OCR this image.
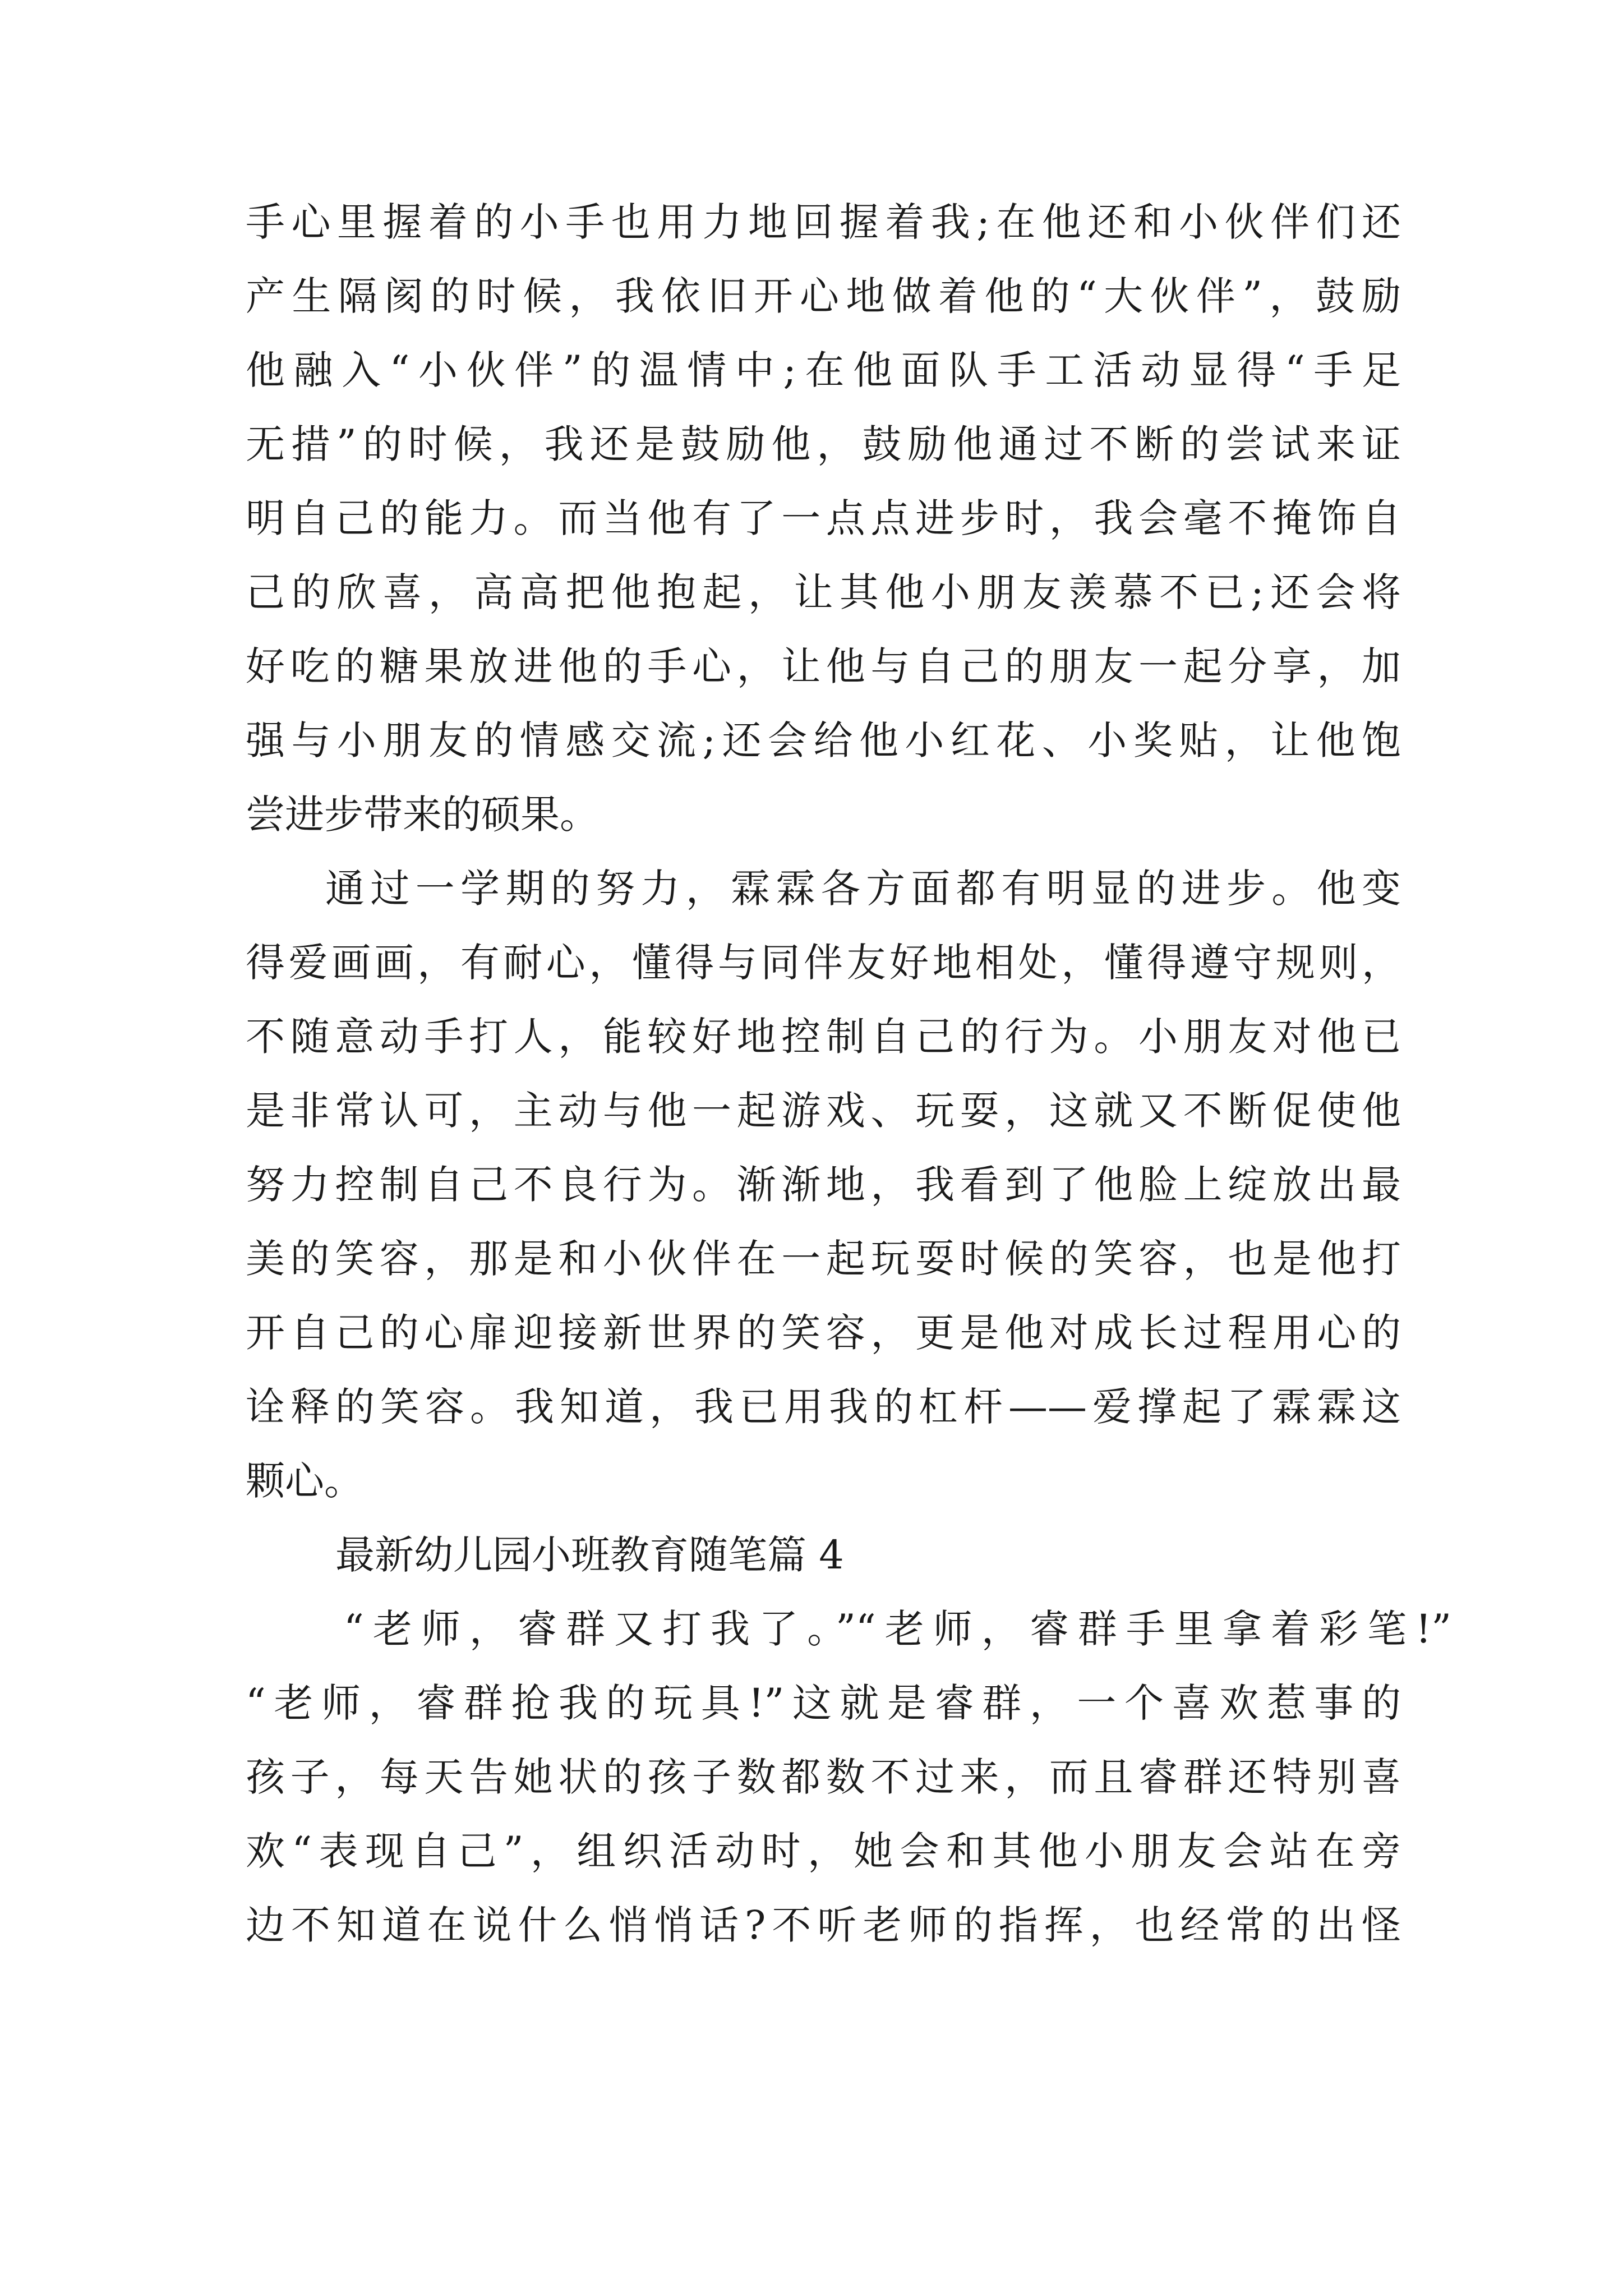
手心里握着的小手也用力地回握着我;在他还和小伙伴们还
产生隔阂的时候，我依旧开心地做着他的“大伙伴”，鼓励
他融入“小伙伴”的温情中;在他面队手工活动显得“手足
无措”的时候，我还是鼓励他，鼓励他通过不断的尝试来证
明自己的能力。而当他有了一点点进步时，我会毫不掩饰自
己的欣喜，高高把他抱起，让其他小朋友羡慕不已;还会将
好吃的糖果放进他的手心，让他与自己的朋友一起分享，加
强与小朋友的情感交流;还会给他小红花、小奖贴，让他饱
尝进步带来的硕果。
通过一学期的努力，霖霖各方面都有明显的进步。他变
得爱画画，有耐心，懂得与同伴友好地相处，懂得遵守规则，
不随意动手打人，能较好地控制自己的行为。小朋友对他已
是非常认可，主动与他一起游戏、玩耍，这就又不断促使他
努力控制自己不良行为。渐渐地，我看到了他脸上绽放出最
美的笑容，那是和小伙伴在一起玩耍时候的笑容，也是他打
开自己的心扉迎接新世界的笑容，更是他对成长过程用心的
诠释的笑容。我知道，我已用我的杠杆——爱撑起了霖霖这
颗心。
最新幼儿园小班教育随笔篇 4
“老师，睿群又打我了。”“老师，睿群手里拿着彩笔!”
“老师，睿群抢我的玩具!”这就是睿群，一个喜欢惹事的
孩子，每天告她状的孩子数都数不过来，而且睿群还特别喜
欢“表现自己”，组织活动时，她会和其他小朋友会站在旁
边不知道在说什么悄悄话?不听老师的指挥，也经常的出怪
